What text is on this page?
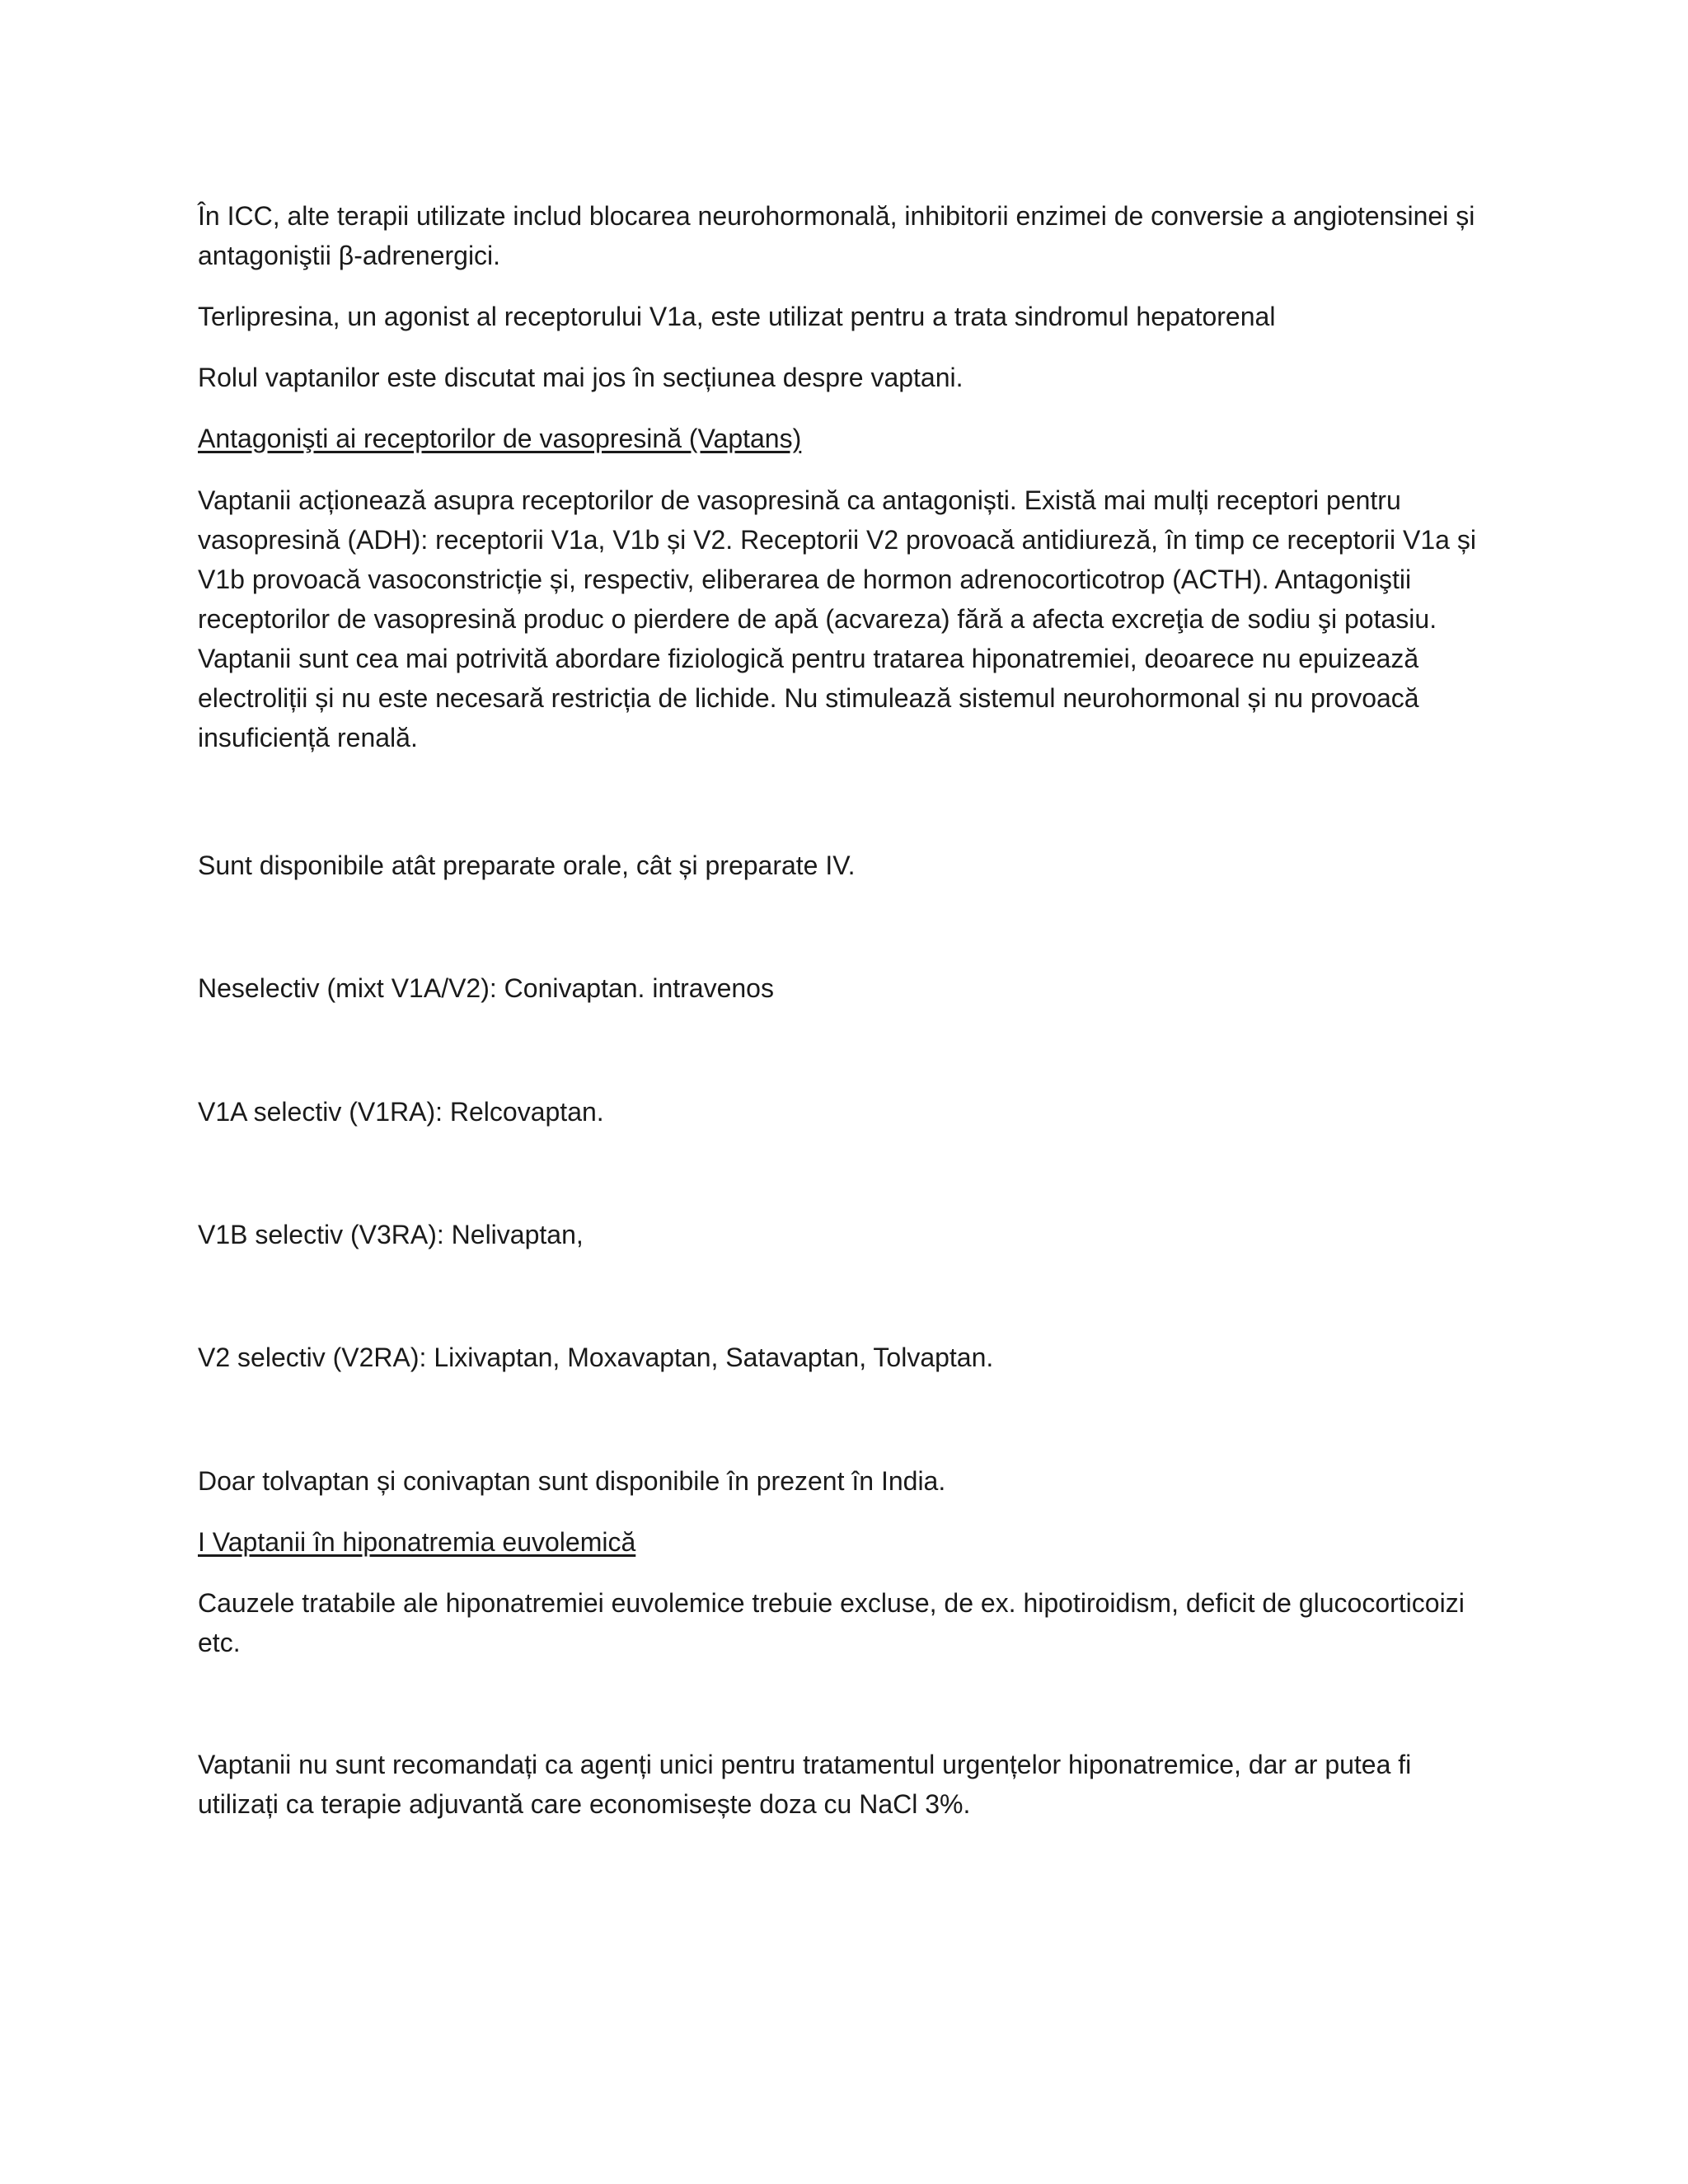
În ICC, alte terapii utilizate includ blocarea neurohormonală, inhibitorii enzimei de conversie a angiotensinei și antagoniştii β-adrenergici.

Terlipresina, un agonist al receptorului V1a, este utilizat pentru a trata sindromul hepatorenal

Rolul vaptanilor este discutat mai jos în secțiunea despre vaptani.

Antagonişti ai receptorilor de vasopresină (Vaptans)

Vaptanii acționează asupra receptorilor de vasopresină ca antagoniști. Există mai mulți receptori pentru vasopresină (ADH): receptorii V1a, V1b și V2. Receptorii V2 provoacă antidiureză, în timp ce receptorii V1a și V1b provoacă vasoconstricție și, respectiv, eliberarea de hormon adrenocorticotrop (ACTH). Antagoniştii receptorilor de vasopresină produc o pierdere de apă (acvareza) fără a afecta excreţia de sodiu şi potasiu. Vaptanii sunt cea mai potrivită abordare fiziologică pentru tratarea hiponatremiei, deoarece nu epuizează electroliții și nu este necesară restricția de lichide. Nu stimulează sistemul neurohormonal și nu provoacă insuficiență renală.

Sunt disponibile atât preparate orale, cât și preparate IV.

Neselectiv (mixt V1A/V2): Conivaptan. intravenos

V1A selectiv (V1RA): Relcovaptan.

V1B selectiv (V3RA): Nelivaptan,

V2 selectiv (V2RA): Lixivaptan, Moxavaptan, Satavaptan, Tolvaptan.

Doar tolvaptan și conivaptan sunt disponibile în prezent în India.

I Vaptanii în hiponatremia euvolemică

Cauzele tratabile ale hiponatremiei euvolemice trebuie excluse, de ex. hipotiroidism, deficit de glucocorticoizi etc.

Vaptanii nu sunt recomandați ca agenți unici pentru tratamentul urgențelor hiponatremice, dar ar putea fi utilizați ca terapie adjuvantă care economisește doza cu NaCl 3%.
